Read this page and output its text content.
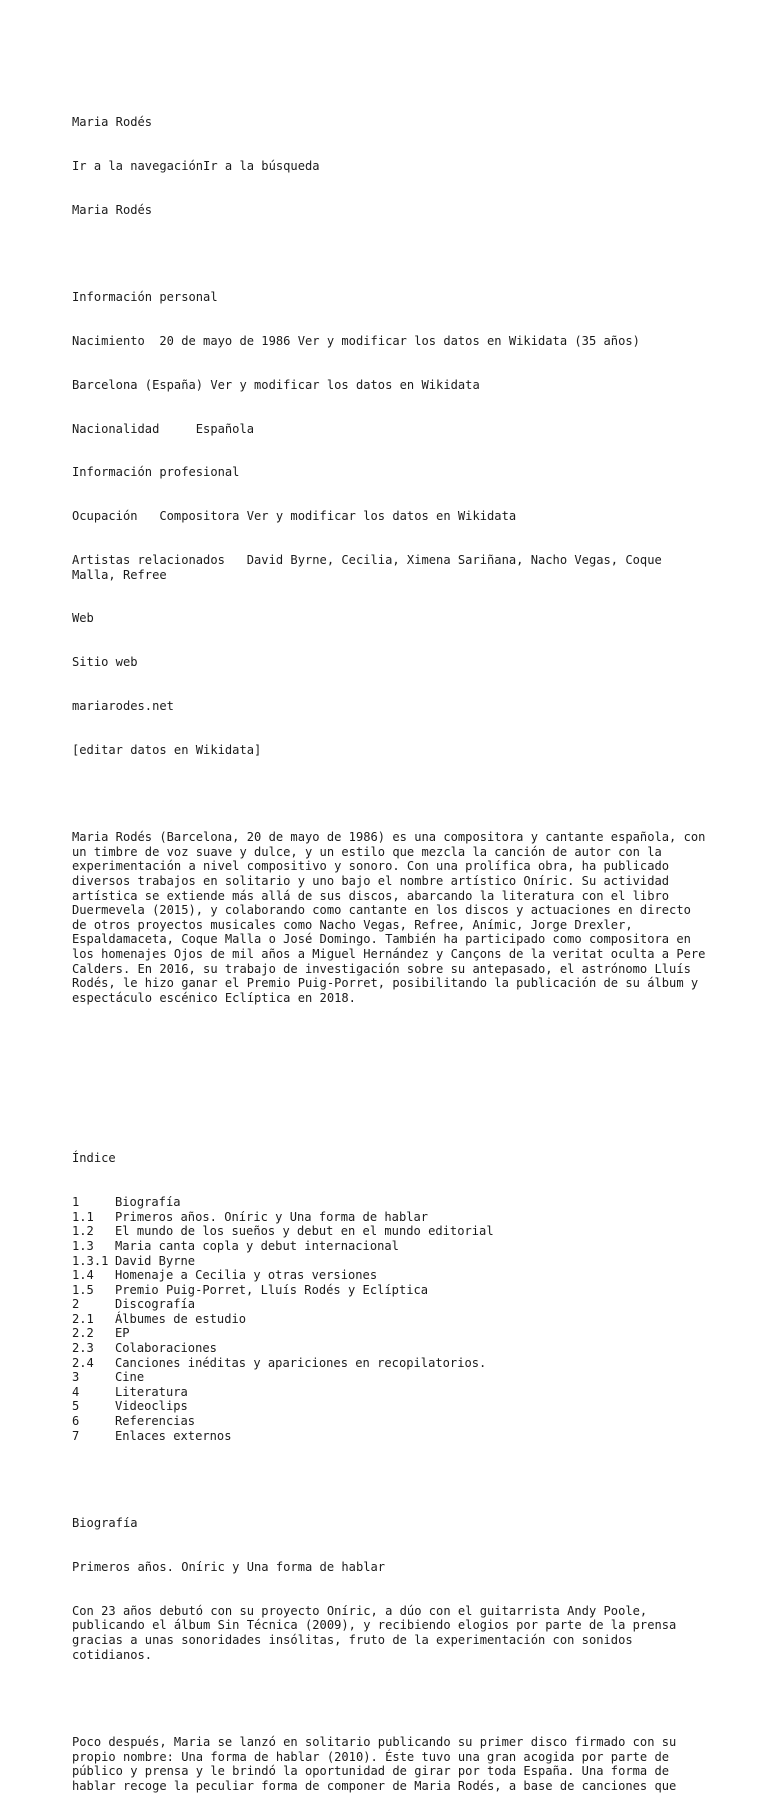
Maria Rodés

Ir a la navegaciónIr a la búsqueda

Maria Rodés

Información personal

Nacimiento  20 de mayo de 1986 Ver y modificar los datos en Wikidata (35 años)

Barcelona (España) Ver y modificar los datos en Wikidata

Nacionalidad     Española

Información profesional

Ocupación   Compositora Ver y modificar los datos en Wikidata

Artistas relacionados   David Byrne, Cecilia, Ximena Sariñana, Nacho Vegas, Coque Malla, Refree

Web

Sitio web

mariarodes.net

[editar datos en Wikidata]

Maria Rodés (Barcelona, 20 de mayo de 1986) es una compositora y cantante española, con un timbre de voz suave y dulce, y un estilo que mezcla la canción de autor con la experimentación a nivel compositivo y sonoro. Con una prolífica obra, ha publicado diversos trabajos en solitario y uno bajo el nombre artístico Oníric. Su actividad artística se extiende más allá de sus discos, abarcando la literatura con el libro Duermevela (2015), y colaborando como cantante en los discos y actuaciones en directo de otros proyectos musicales como Nacho Vegas, Refree, Anímic, Jorge Drexler, Espaldamaceta, Coque Malla o José Domingo. También ha participado como compositora en los homenajes Ojos de mil años a Miguel Hernández y Cançons de la veritat oculta a Pere Calders. En 2016, su trabajo de investigación sobre su antepasado, el astrónomo Lluís Rodés, le hizo ganar el Premio Puig-Porret, posibilitando la publicación de su álbum y espectáculo escénico Eclíptica en 2018.

Índice

1	Biografía
1.1	Primeros años. Oníric y Una forma de hablar
1.2	El mundo de los sueños y debut en el mundo editorial
1.3	Maria canta copla y debut internacional
1.3.1 David Byrne
1.4	Homenaje a Cecilia y otras versiones
1.5	Premio Puig-Porret, Lluís Rodés y Eclíptica
2	Discografía
2.1	Álbumes de estudio
2.2	EP
2.3	Colaboraciones
2.4	Canciones inéditas y apariciones en recopilatorios.
3	Cine
4	Literatura
5	Videoclips
6	Referencias
7	Enlaces externos

Biografía

Primeros años. Oníric y Una forma de hablar

Con 23 años debutó con su proyecto Oníric, a dúo con el guitarrista Andy Poole, publicando el álbum Sin Técnica (2009), y recibiendo elogios por parte de la prensa gracias a unas sonoridades insólitas, fruto de la experimentación con sonidos cotidianos.

Poco después, Maria se lanzó en solitario publicando su primer disco firmado con su propio nombre: Una forma de hablar (2010). Éste tuvo una gran acogida por parte de público y prensa y le brindó la oportunidad de girar por toda España. Una forma de hablar recoge la peculiar forma de componer de Maria Rodés, a base de canciones que
